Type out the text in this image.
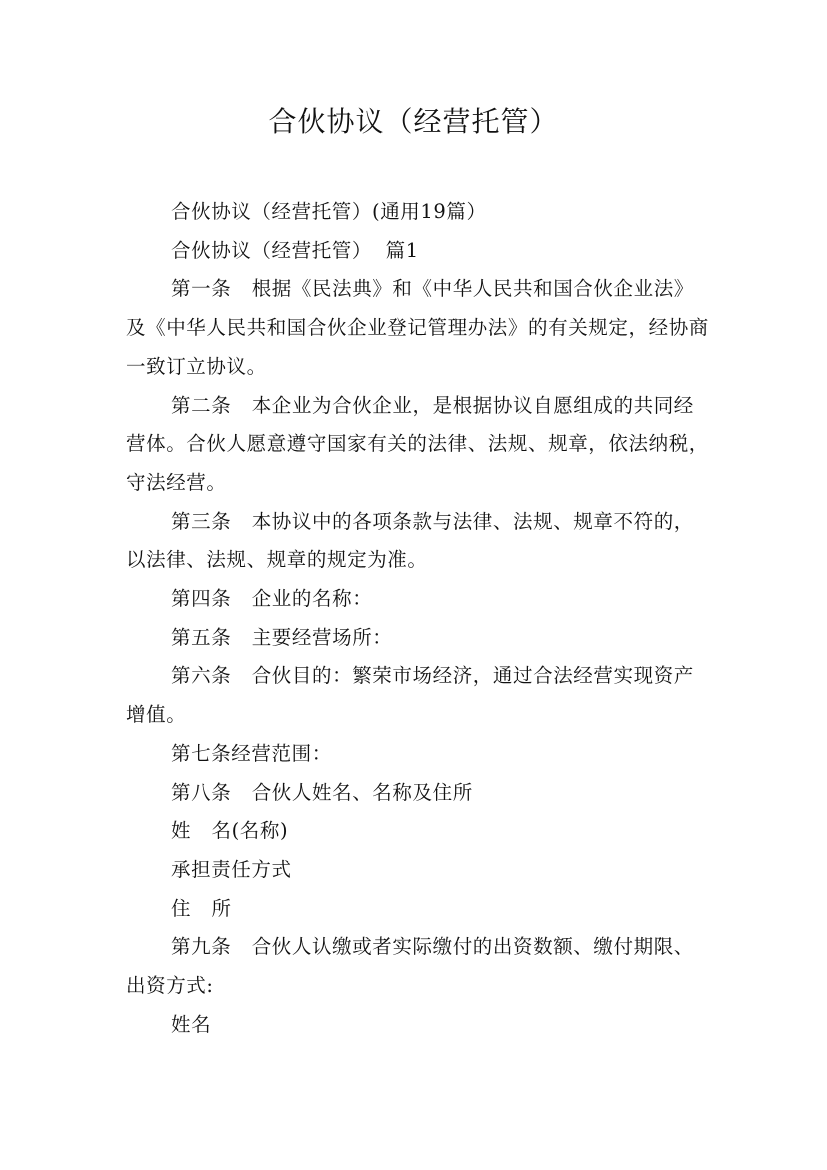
合伙协议（经营托管）

合伙协议（经营托管）(通用19篇）

合伙协议（经营托管）  篇1

第一条   根据《民法典》和《中华人民共和国合伙企业法》及《中华人民共和国合伙企业登记管理办法》的有关规定，经协商一致订立协议。

第二条   本企业为合伙企业，是根据协议自愿组成的共同经营体。合伙人愿意遵守国家有关的法律、法规、规章，依法纳税，守法经营。

第三条   本协议中的各项条款与法律、法规、规章不符的，以法律、法规、规章的规定为准。

第四条   企业的名称：

第五条   主要经营场所：

第六条   合伙目的：繁荣市场经济，通过合法经营实现资产增值。

第七条经营范围：

第八条   合伙人姓名、名称及住所

姓   名(名称)

承担责任方式

住   所

第九条   合伙人认缴或者实际缴付的出资数额、缴付期限、出资方式:

姓名
